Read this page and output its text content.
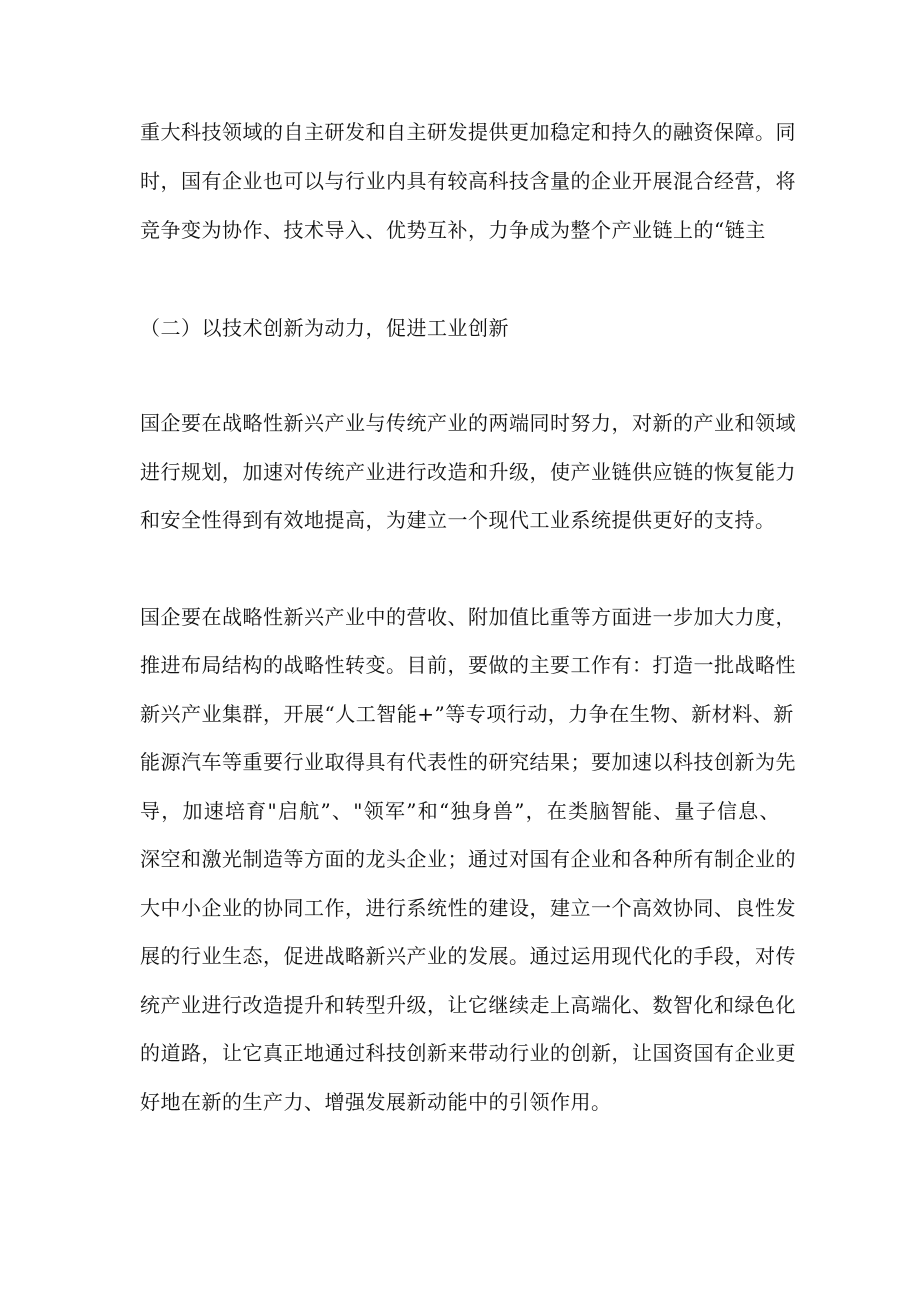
重大科技领域的自主研发和自主研发提供更加稳定和持久的融资保障。同
时，国有企业也可以与行业内具有较高科技含量的企业开展混合经营，将
竞争变为协作、技术导入、优势互补，力争成为整个产业链上的“链主
（二）以技术创新为动力，促进工业创新
国企要在战略性新兴产业与传统产业的两端同时努力，对新的产业和领域
进行规划，加速对传统产业进行改造和升级，使产业链供应链的恢复能力
和安全性得到有效地提高，为建立一个现代工业系统提供更好的支持。
国企要在战略性新兴产业中的营收、附加值比重等方面进一步加大力度，
推进布局结构的战略性转变。目前，要做的主要工作有：打造一批战略性
新兴产业集群，开展“人工智能+”等专项行动，力争在生物、新材料、新
能源汽车等重要行业取得具有代表性的研究结果；要加速以科技创新为先
导，加速培育"启航”、"领军”和“独身兽”，在类脑智能、量子信息、
深空和激光制造等方面的龙头企业；通过对国有企业和各种所有制企业的
大中小企业的协同工作，进行系统性的建设，建立一个高效协同、良性发
展的行业生态，促进战略新兴产业的发展。通过运用现代化的手段，对传
统产业进行改造提升和转型升级，让它继续走上高端化、数智化和绿色化
的道路，让它真正地通过科技创新来带动行业的创新，让国资国有企业更
好地在新的生产力、增强发展新动能中的引领作用。
